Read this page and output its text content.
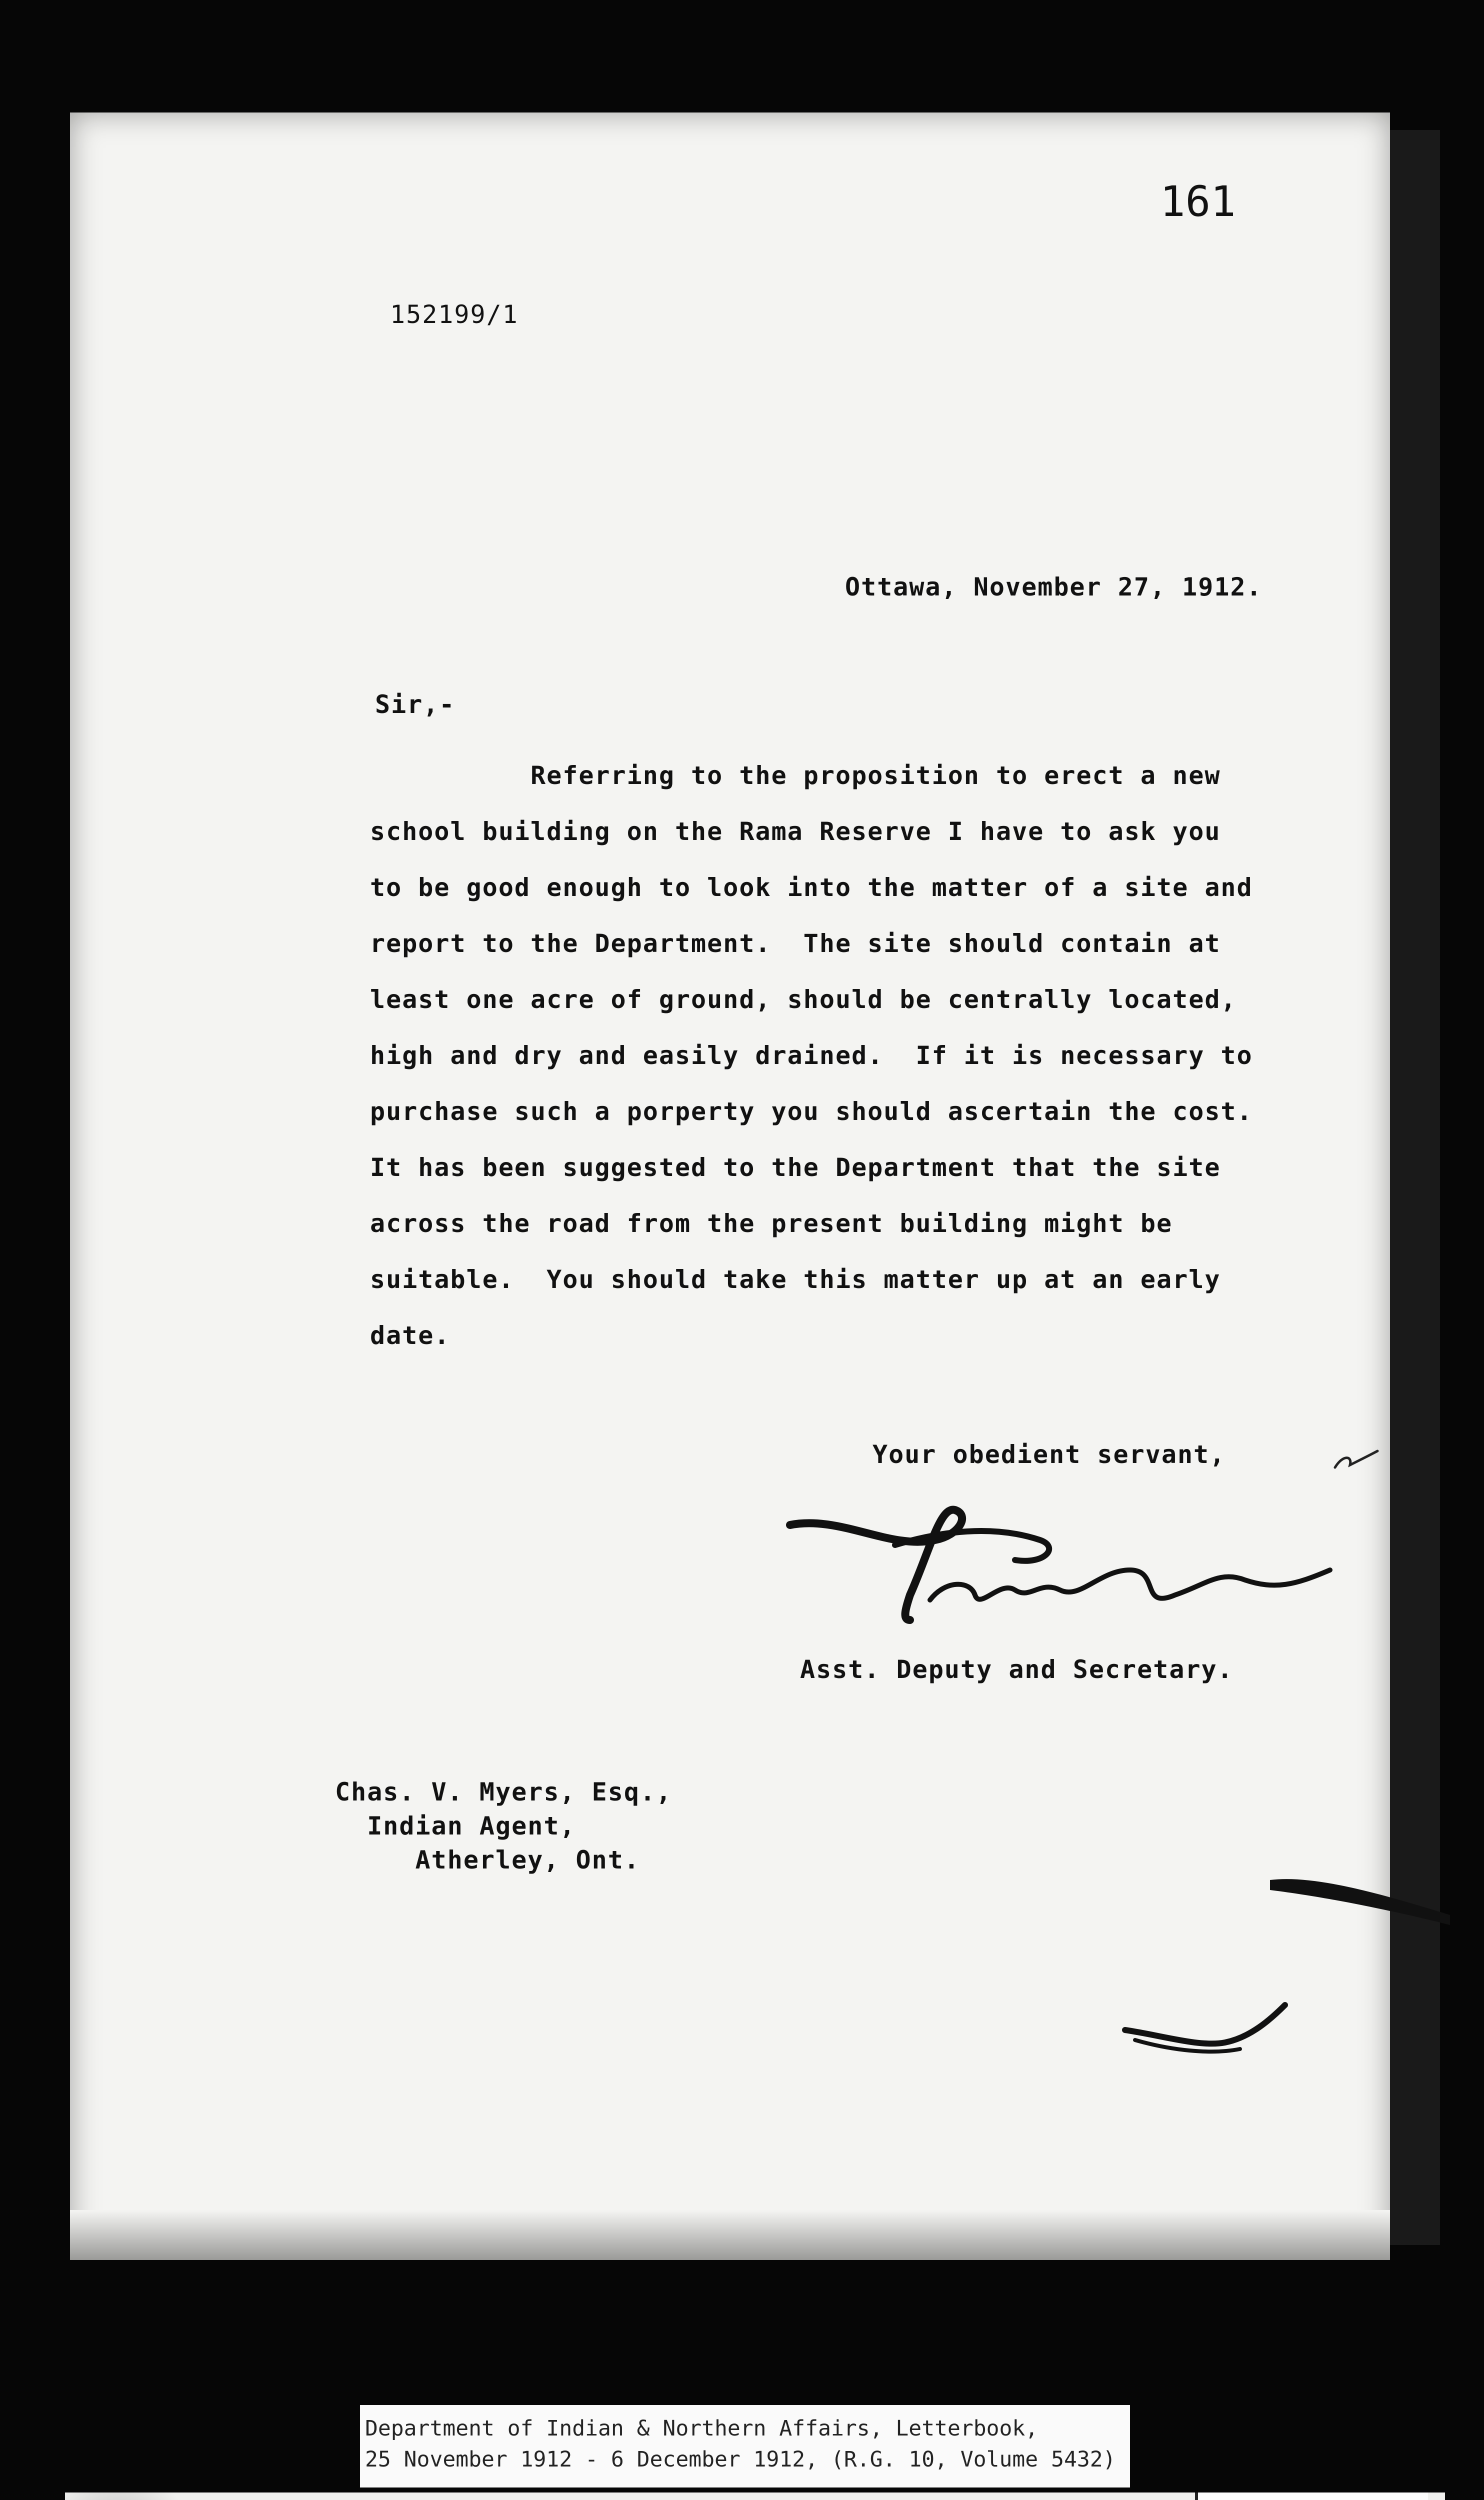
161

152199/1

Ottawa, November 27, 1912.

Sir,-

Referring to the proposition to erect a new
school building on the Rama Reserve I have to ask you
to be good enough to look into the matter of a site and
report to the Department.  The site should contain at
least one acre of ground, should be centrally located,
high and dry and easily drained.  If it is necessary to
purchase such a porperty you should ascertain the cost.
It has been suggested to the Department that the site
across the road from the present building might be
suitable.  You should take this matter up at an early
date.

Your obedient servant,

Asst. Deputy and Secretary.

Chas. V. Myers, Esq.,
Indian Agent,
Atherley, Ont.

Department of Indian & Northern Affairs, Letterbook,

25 November 1912 - 6 December 1912, (R.G. 10, Volume 5432)
